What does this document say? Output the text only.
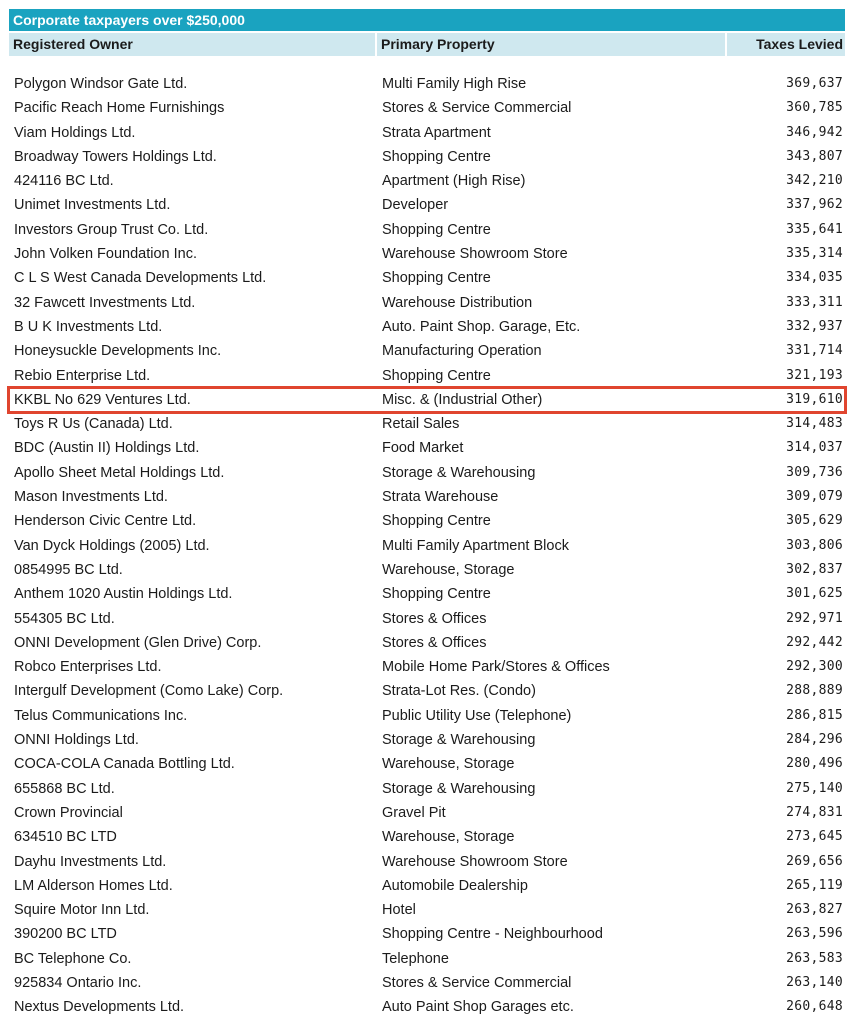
Corporate taxpayers over $250,000
Registered Owner	Primary Property	Taxes Levied
Polygon Windsor Gate Ltd.	Multi Family High Rise	369,637
Pacific Reach Home Furnishings	Stores & Service Commercial	360,785
Viam Holdings Ltd.	Strata Apartment	346,942
Broadway Towers Holdings Ltd.	Shopping Centre	343,807
424116 BC Ltd.	Apartment (High Rise)	342,210
Unimet Investments Ltd.	Developer	337,962
Investors Group Trust Co. Ltd.	Shopping Centre	335,641
John Volken Foundation Inc.	Warehouse Showroom Store	335,314
C L S West Canada Developments Ltd.	Shopping Centre	334,035
32 Fawcett Investments Ltd.	Warehouse Distribution	333,311
B U K Investments Ltd.	Auto. Paint Shop. Garage, Etc.	332,937
Honeysuckle Developments Inc.	Manufacturing Operation	331,714
Rebio Enterprise Ltd.	Shopping Centre	321,193
KKBL No 629 Ventures Ltd.	Misc. & (Industrial Other)	319,610
Toys R Us (Canada) Ltd.	Retail Sales	314,483
BDC (Austin II) Holdings Ltd.	Food Market	314,037
Apollo Sheet Metal Holdings Ltd.	Storage & Warehousing	309,736
Mason Investments Ltd.	Strata Warehouse	309,079
Henderson Civic Centre Ltd.	Shopping Centre	305,629
Van Dyck Holdings (2005) Ltd.	Multi Family Apartment Block	303,806
0854995 BC Ltd.	Warehouse, Storage	302,837
Anthem 1020 Austin Holdings Ltd.	Shopping Centre	301,625
554305 BC Ltd.	Stores & Offices	292,971
ONNI Development (Glen Drive) Corp.	Stores & Offices	292,442
Robco Enterprises Ltd.	Mobile Home Park/Stores & Offices	292,300
Intergulf Development (Como Lake) Corp.	Strata-Lot Res. (Condo)	288,889
Telus Communications Inc.	Public Utility Use (Telephone)	286,815
ONNI Holdings Ltd.	Storage & Warehousing	284,296
COCA-COLA Canada Bottling Ltd.	Warehouse, Storage	280,496
655868 BC Ltd.	Storage & Warehousing	275,140
Crown Provincial	Gravel Pit	274,831
634510 BC LTD	Warehouse, Storage	273,645
Dayhu Investments Ltd.	Warehouse Showroom Store	269,656
LM Alderson Homes Ltd.	Automobile Dealership	265,119
Squire Motor Inn Ltd.	Hotel	263,827
390200 BC LTD	Shopping Centre - Neighbourhood	263,596
BC Telephone Co.	Telephone	263,583
925834 Ontario Inc.	Stores & Service Commercial	263,140
Nextus Developments Ltd.	Auto Paint Shop Garages etc.	260,648
